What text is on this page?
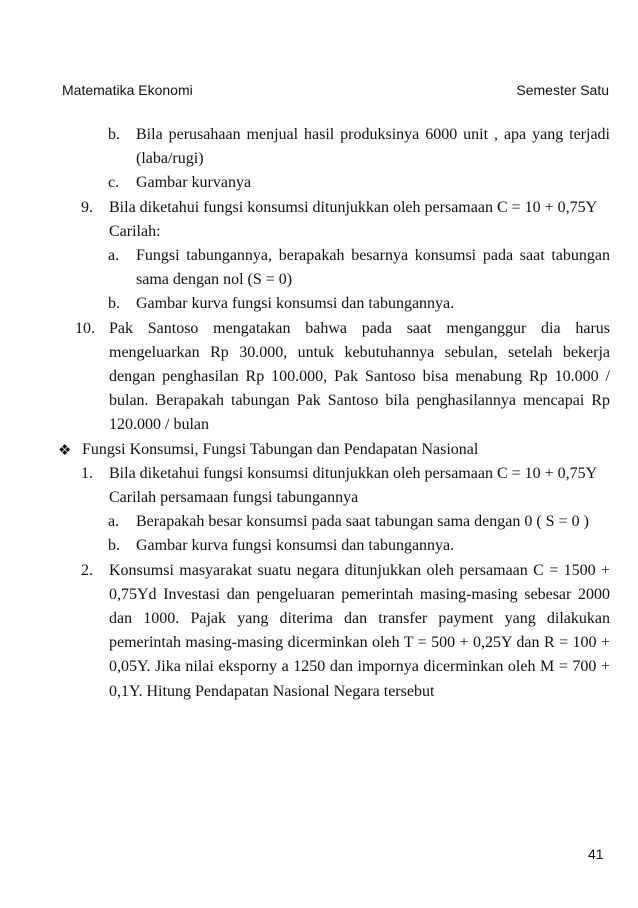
Matematika Ekonomi	Semester Satu
b. Bila perusahaan menjual hasil produksinya 6000 unit , apa yang terjadi (laba/rugi)
c. Gambar kurvanya
9. Bila diketahui fungsi konsumsi ditunjukkan oleh persamaan C = 10 + 0,75Y
Carilah:
a. Fungsi tabungannya, berapakah besarnya konsumsi pada saat tabungan sama dengan nol (S = 0)
b. Gambar kurva fungsi konsumsi dan tabungannya.
10. Pak Santoso mengatakan bahwa pada saat menganggur dia harus mengeluarkan Rp 30.000, untuk kebutuhannya sebulan, setelah bekerja dengan penghasilan Rp 100.000, Pak Santoso bisa menabung Rp 10.000 / bulan. Berapakah tabungan Pak Santoso bila penghasilannya mencapai Rp 120.000 / bulan
❖ Fungsi Konsumsi, Fungsi Tabungan dan Pendapatan Nasional
1. Bila diketahui fungsi konsumsi ditunjukkan oleh persamaan C = 10 + 0,75Y
Carilah persamaan fungsi tabungannya
a. Berapakah besar konsumsi pada saat tabungan sama dengan 0 ( S = 0 )
b. Gambar kurva fungsi konsumsi dan tabungannya.
2. Konsumsi masyarakat suatu negara ditunjukkan oleh persamaan C = 1500 + 0,75Yd Investasi dan pengeluaran pemerintah masing-masing sebesar 2000 dan 1000. Pajak yang diterima dan transfer payment yang dilakukan pemerintah masing-masing dicerminkan oleh T = 500 + 0,25Y dan R = 100 + 0,05Y. Jika nilai eksporny a 1250 dan impornya dicerminkan oleh M = 700 + 0,1Y. Hitung Pendapatan Nasional Negara tersebut
41
